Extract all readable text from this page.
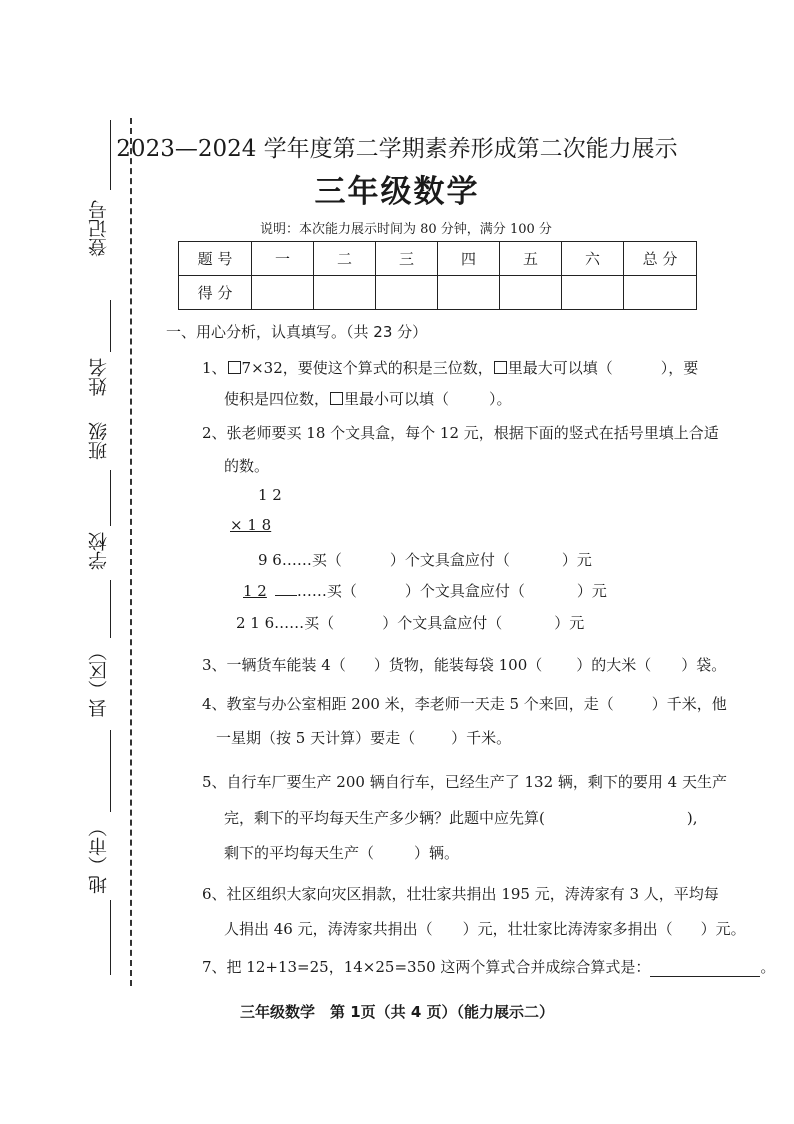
登记号
姓名
班级
学校
县（区）
地（市）
2023—2024 学年度第二学期素养形成第二次能力展示
三年级数学
说明：本次能力展示时间为 80 分钟，满分 100 分
题 号	一	二	三	四	五	六	总 分
得 分							
一、用心分析，认真填写。（共 23 分）
1、 7×32，要使这个算式的积是三位数， 里最大可以填（	），要
使积是四位数， 里最小可以填（	）。
2、张老师要买 18 个文具盒，每个 12 元，根据下面的竖式在括号里填上合适
的数。
1 2
× 1 8
9 6……买（	）个文具盒应付（	）元
1 2 ……买（	）个文具盒应付（	）元
2 1 6……买（	）个文具盒应付（	）元
3、一辆货车能装 4（ ）货物，能装每袋 100（ ）的大米（ ）袋。
4、教室与办公室相距 200 米，李老师一天走 5 个来回，走（	）千米，他
一星期（按 5 天计算）要走（ ）千米。
5、自行车厂要生产 200 辆自行车，已经生产了 132 辆，剩下的要用 4 天生产
完，剩下的平均每天生产多少辆？此题中应先算(	),
剩下的平均每天生产（	）辆。
6、社区组织大家向灾区捐款，壮壮家共捐出 195 元，涛涛家有 3 人，平均每
人捐出 46 元，涛涛家共捐出（ ）元，壮壮家比涛涛家多捐出（ ）元。
7、把 12+13=25，14×25=350 这两个算式合并成综合算式是：	。
三年级数学　第 1页（共 4 页）（能力展示二）
